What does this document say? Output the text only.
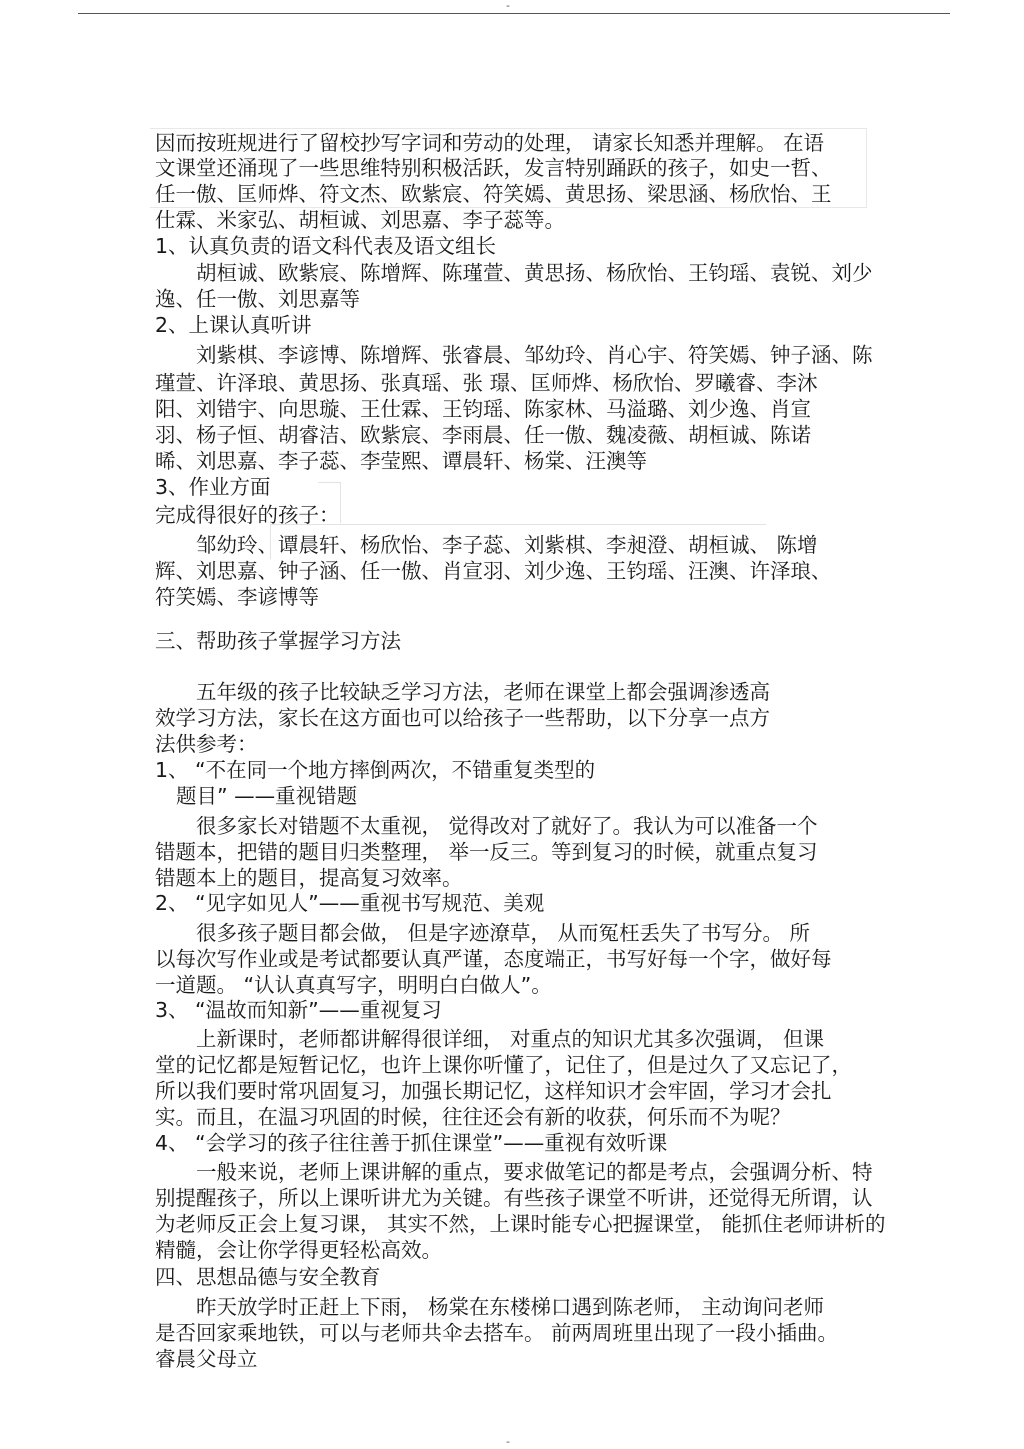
-
因而按班规进行了留校抄写字词和劳动的处理， 请家长知悉并理解。 在语
文课堂还涌现了一些思维特别积极活跃，发言特别踊跃的孩子，如史一哲、
任一傲、匡师烨、符文杰、欧紫宸、符笑嫣、黄思扬、梁思涵、杨欣怡、王
仕霖、米家弘、胡桓诚、刘思嘉、李子蕊等。
1、认真负责的语文科代表及语文组长
胡桓诚、欧紫宸、陈增辉、陈瑾萱、黄思扬、杨欣怡、王钧瑶、袁锐、刘少
逸、任一傲、刘思嘉等
2、上课认真听讲
刘紫棋、李谚博、陈增辉、张睿晨、邹幼玲、肖心宇、符笑嫣、钟子涵、陈
瑾萱、许泽琅、黄思扬、张真瑶、张 璟、匡师烨、杨欣怡、罗曦睿、李沐
阳、刘错宇、向思璇、王仕霖、王钧瑶、陈家林、马溢璐、刘少逸、肖宣
羽、杨子恒、胡睿洁、欧紫宸、李雨晨、任一傲、魏凌薇、胡桓诚、陈诺
晞、刘思嘉、李子蕊、李莹熙、谭晨轩、杨棠、汪澳等
3、作业方面
完成得很好的孩子：
邹幼玲、谭晨轩、杨欣怡、李子蕊、刘紫棋、李昶澄、胡桓诚、 陈增
辉、刘思嘉、钟子涵、任一傲、肖宣羽、刘少逸、王钧瑶、汪澳、许泽琅、
符笑嫣、李谚博等
三、帮助孩子掌握学习方法
五年级的孩子比较缺乏学习方法，老师在课堂上都会强调渗透高
效学习方法，家长在这方面也可以给孩子一些帮助，以下分享一点方
法供参考：
1、 “不在同一个地方摔倒两次，不错重复类型的
题目” ——重视错题
很多家长对错题不太重视， 觉得改对了就好了。我认为可以准备一个
错题本，把错的题目归类整理， 举一反三。等到复习的时候，就重点复习
错题本上的题目，提高复习效率。
2、 “见字如见人”——重视书写规范、美观
很多孩子题目都会做， 但是字迹潦草， 从而冤枉丢失了书写分。 所
以每次写作业或是考试都要认真严谨，态度端正，书写好每一个字，做好每
一道题。 “认认真真写字，明明白白做人”。
3、 “温故而知新”——重视复习
上新课时，老师都讲解得很详细， 对重点的知识尤其多次强调， 但课
堂的记忆都是短暂记忆，也许上课你听懂了，记住了，但是过久了又忘记了，
所以我们要时常巩固复习，加强长期记忆，这样知识才会牢固，学习才会扎
实。而且，在温习巩固的时候，往往还会有新的收获，何乐而不为呢？
4、 “会学习的孩子往往善于抓住课堂”——重视有效听课
一般来说，老师上课讲解的重点，要求做笔记的都是考点，会强调分析、特
别提醒孩子，所以上课听讲尤为关键。有些孩子课堂不听讲，还觉得无所谓，认
为老师反正会上复习课， 其实不然，上课时能专心把握课堂， 能抓住老师讲析的
精髓，会让你学得更轻松高效。
四、思想品德与安全教育
昨天放学时正赶上下雨， 杨棠在东楼梯口遇到陈老师， 主动询问老师
是否回家乘地铁，可以与老师共伞去搭车。 前两周班里出现了一段小插曲。
睿晨父母立
-
